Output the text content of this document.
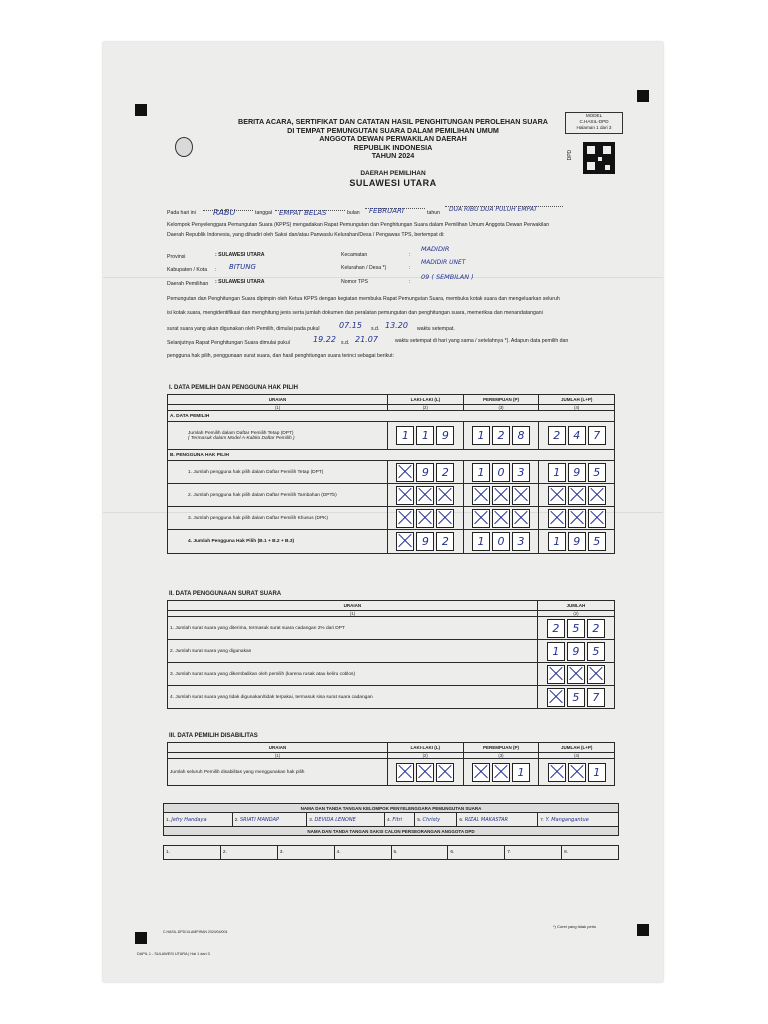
MODEL
C.HASIL-DPD
Halaman 1 dari 3
DPD
BERITA ACARA, SERTIFIKAT DAN CATATAN HASIL PENGHITUNGAN PEROLEHAN SUARA
DI TEMPAT PEMUNGUTAN SUARA DALAM PEMILIHAN UMUM
ANGGOTA DEWAN PERWAKILAN DAERAH
REPUBLIK INDONESIA
TAHUN 2024
DAERAH PEMILIHAN
SULAWESI UTARA
Pada hari ini	RABU	tanggal EMPAT BELAS	bulan	FEBRUARI	tahun	DUA RIBU DUA PULUH EMPAT
Kelompok Penyelenggara Pemungutan Suara (KPPS) mengadakan Rapat Pemungutan dan Penghitungan Suara dalam Pemilihan Umum Anggota Dewan Perwakilan
Daerah Republik Indonesia, yang dihadiri oleh Saksi dan/atau Panwaslu Kelurahan/Desa / Pengawas TPS, bertempat di:
Provinsi	: SULAWESI UTARA
Kabupaten / Kota : BITUNG
Daerah Pemilihan : SULAWESI UTARA
Kecamatan	:
MADIDIR
Kelurahan / Desa *)	:
MADIDIR UNET
Nomor TPS	:
09 ( SEMBILAN )
Pemungutan dan Penghitungan Suara dipimpin oleh Ketua KPPS dengan kegiatan membuka Rapat Pemungutan Suara, membuka kotak suara dan mengeluarkan seluruh
isi kotak suara, mengidentifikasi dan menghitung jenis serta jumlah dokumen dan peralatan pemungutan dan penghitungan suara, memeriksa dan menandatangani
surat suara yang akan digunakan oleh Pemilih, dimulai pada pukul 07.15 s.d. 13.20 waktu setempat.
Selanjutnya Rapat Penghitungan Suara dimulai pukul	19.22 s.d. 21.07	waktu setempat di hari yang sama / setelahnya *). Adapun data pemilih dan
pengguna hak pilih, penggunaan surat suara, dan hasil penghitungan suara terinci sebagai berikut:
I. DATA PEMILIH DAN PENGGUNA HAK PILIH
URAIAN	LAKI-LAKI (L)	PEREMPUAN (P)	JUMLAH (L+P)
(1)	(2)	(3)	(4)
A. DATA PEMILIH			

Jumlah Pemilih dalam Daftar Pemilih Tetap (DPT)
( Termasuk dalam Model A-Kabko Daftar Pemilih )	1 1 9	1 2 8	2 4 7
B. PENGGUNA HAK PILIH			
1. Jumlah pengguna hak pilih dalam Daftar Pemilih Tetap (DPT)	9 2	1 0 3	1 9 5
2. Jumlah pengguna hak pilih dalam Daftar Pemilih Tambahan (DPTb)			
3. Jumlah pengguna hak pilih dalam Daftar Pemilih Khusus (DPK)			
4. Jumlah Pengguna Hak Pilih (B.1 + B.2 + B.3)	9 2	1 0 3	1 9 5
II. DATA PENGGUNAAN SURAT SUARA
URAIAN	JUMLAH
(1)	(2)
1. Jumlah surat suara yang diterima, termasuk surat suara cadangan 2% dari DPT	2 5 2
2. Jumlah surat suara yang digunakan	1 9 5
3. Jumlah surat suara yang dikembalikan oleh pemilih (karena rusak atau keliru coblos)	
4. Jumlah surat suara yang tidak digunakan/tidak terpakai, termasuk sisa surat suara cadangan	5 7
III. DATA PEMILIH DISABILITAS
URAIAN	LAKI-LAKI (L)	PEREMPUAN (P)	JUMLAH (L+P)
(1)	(2)	(3)	(4)
Jumlah seluruh Pemilih disabilitas yang menggunakan hak pilih		1	1
NAMA DAN TANDA TANGAN KELOMPOK PENYELENGGARA PEMUNGUTAN SUARA
1. Jefry Handaya	2. SRIATI MANDAP	3. DEVIDA LENONE	4. Fitri	5. Christy	6. RIZAL MAKASTAR	7. Y. Mangangantue
NAMA DAN TANDA TANGAN SAKSI CALON PERSEORANGAN ANGGOTA DPD
1.	2.	3.	4.	5.	6.	7.	8.
C.HASIL-DPD/1/LAMPIRAN 2024/04/004
*) Coret yang tidak perlu
DAPIL 1 - SULAWESI UTARA | Hal 1 dari 3
